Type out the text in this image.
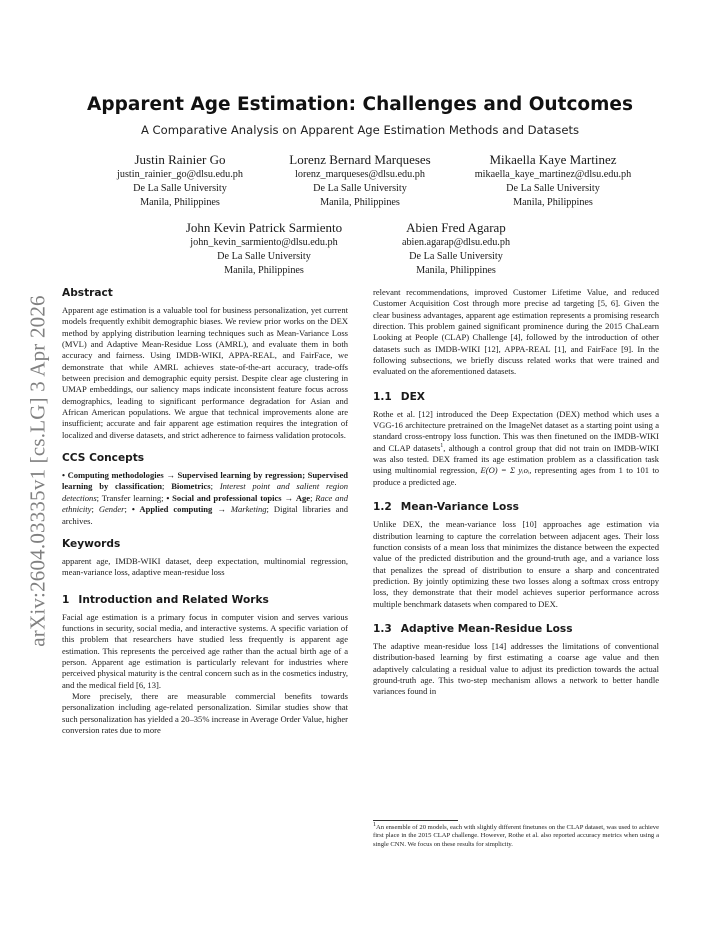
arXiv:2604.03335v1 [cs.LG] 3 Apr 2026
Apparent Age Estimation: Challenges and Outcomes
A Comparative Analysis on Apparent Age Estimation Methods and Datasets
Justin Rainier Go
justin_rainier_go@dlsu.edu.ph
De La Salle University
Manila, Philippines
Lorenz Bernard Marqueses
lorenz_marqueses@dlsu.edu.ph
De La Salle University
Manila, Philippines
Mikaella Kaye Martinez
mikaella_kaye_martinez@dlsu.edu.ph
De La Salle University
Manila, Philippines
John Kevin Patrick Sarmiento
john_kevin_sarmiento@dlsu.edu.ph
De La Salle University
Manila, Philippines
Abien Fred Agarap
abien.agarap@dlsu.edu.ph
De La Salle University
Manila, Philippines
Abstract

Apparent age estimation is a valuable tool for business personalization, yet current models frequently exhibit demographic biases. We review prior works on the DEX method by applying distribution learning techniques such as Mean-Variance Loss (MVL) and Adaptive Mean-Residue Loss (AMRL), and evaluate them in both accuracy and fairness. Using IMDB-WIKI, APPA-REAL, and FairFace, we demonstrate that while AMRL achieves state-of-the-art accuracy, trade-offs between precision and demographic equity persist. Despite clear age clustering in UMAP embeddings, our saliency maps indicate inconsistent feature focus across demographics, leading to significant performance degradation for Asian and African American populations. We argue that technical improvements alone are insufficient; accurate and fair apparent age estimation requires the integration of localized and diverse datasets, and strict adherence to fairness validation protocols.

CCS Concepts

• Computing methodologies → Supervised learning by regression; Supervised learning by classification; Biometrics; Interest point and salient region detections; Transfer learning; • Social and professional topics → Age; Race and ethnicity; Gender; • Applied computing → Marketing; Digital libraries and archives.

Keywords

apparent age, IMDB-WIKI dataset, deep expectation, multinomial regression, mean-variance loss, adaptive mean-residue loss

1 Introduction and Related Works

Facial age estimation is a primary focus in computer vision and serves various functions in security, social media, and interactive systems. A specific variation of this problem that researchers have studied less frequently is apparent age estimation. This represents the perceived age rather than the actual birth age of a person. Apparent age estimation is particularly relevant for industries where perceived physical maturity is the central concern such as in the cosmetics industry, and the medical field [6, 13].

More precisely, there are measurable commercial benefits towards personalization including age-related personalization. Similar studies show that such personalization has yielded a 20–35% increase in Average Order Value, higher conversion rates due to more

relevant recommendations, improved Customer Lifetime Value, and reduced Customer Acquisition Cost through more precise ad targeting [5, 6]. Given the clear business advantages, apparent age estimation represents a promising research direction. This problem gained significant prominence during the 2015 ChaLearn Looking at People (CLAP) Challenge [4], followed by the introduction of other datasets such as IMDB-WIKI [12], APPA-REAL [1], and FairFace [9]. In the following subsections, we briefly discuss related works that were trained and evaluated on the aforementioned datasets.

1.1 DEX

Rothe et al. [12] introduced the Deep Expectation (DEX) method which uses a VGG-16 architecture pretrained on the ImageNet dataset as a starting point using a standard cross-entropy loss function. This was then finetuned on the IMDB-WIKI and CLAP datasets$^1$, although a control group that did not train on IMDB-WIKI was also tested. DEX framed its age estimation problem as a classification task using multinomial regression, E(O) = Σ yᵢoᵢ, representing ages from 1 to 101 to produce a predicted age.

1.2 Mean-Variance Loss

Unlike DEX, the mean-variance loss [10] approaches age estimation via distribution learning to capture the correlation between adjacent ages. Their loss function consists of a mean loss that minimizes the distance between the expected value of the predicted distribution and the ground-truth age, and a variance loss that penalizes the spread of distribution to ensure a sharp and concentrated prediction. By jointly optimizing these two losses along a softmax cross entropy loss, they demonstrate that their model achieves superior performance across multiple benchmark datasets when compared to DEX.

1.3 Adaptive Mean-Residue Loss

The adaptive mean-residue loss [14] addresses the limitations of conventional distribution-based learning by first estimating a coarse age value and then adaptively calculating a residual value to adjust its prediction towards the actual ground-truth age. This two-step mechanism allows a network to better handle variances found in

$^1$An ensemble of 20 models, each with slightly different finetunes on the CLAP dataset, was used to achieve first place in the 2015 CLAP challenge. However, Rothe et al. also reported accuracy metrics when using a single CNN. We focus on these results for simplicity.
